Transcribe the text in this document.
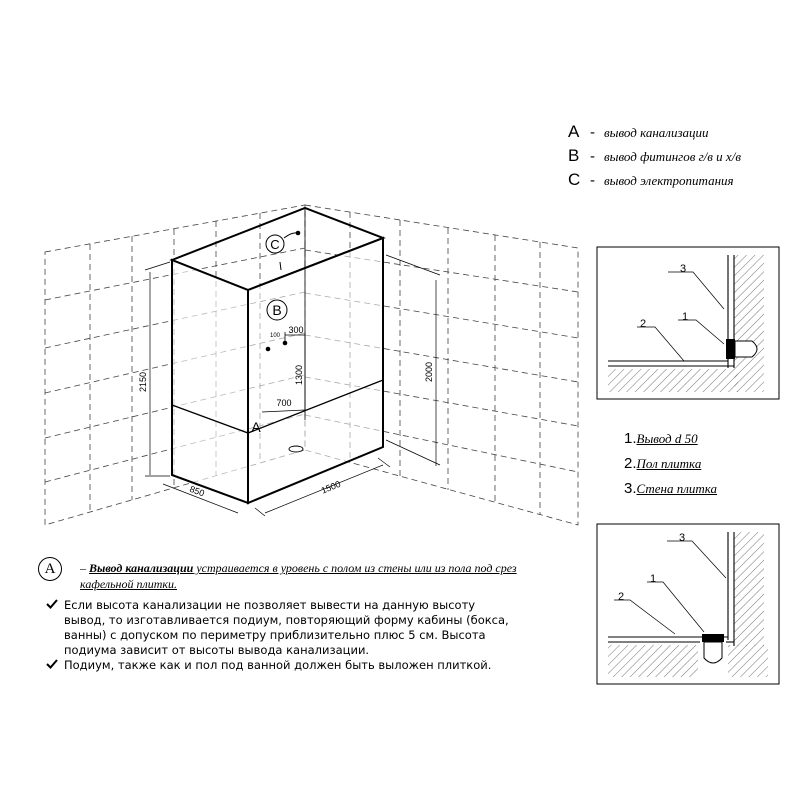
C
B
A
2150	2000
850	1500
1300
700
300
100
3
1
2
3
1
2
A - вывод канализации
B - вывод фитингов г/в и х/в
C - вывод электропитания
1.Вывод d 50
2.Пол плитка
3.Стена плитка
A	– Вывод канализации устраивается в уровень с полом из стены или из пола под срез кафельной плитки.
Если высота канализации не позволяет вывести на данную высоту вывод, то изготавливается подиум, повторяющий форму кабины (бокса, ванны) с допуском по периметру приблизительно плюс 5 см. Высота подиума зависит от высоты вывода канализации.
Подиум, также как и пол под ванной должен быть выложен плиткой.
